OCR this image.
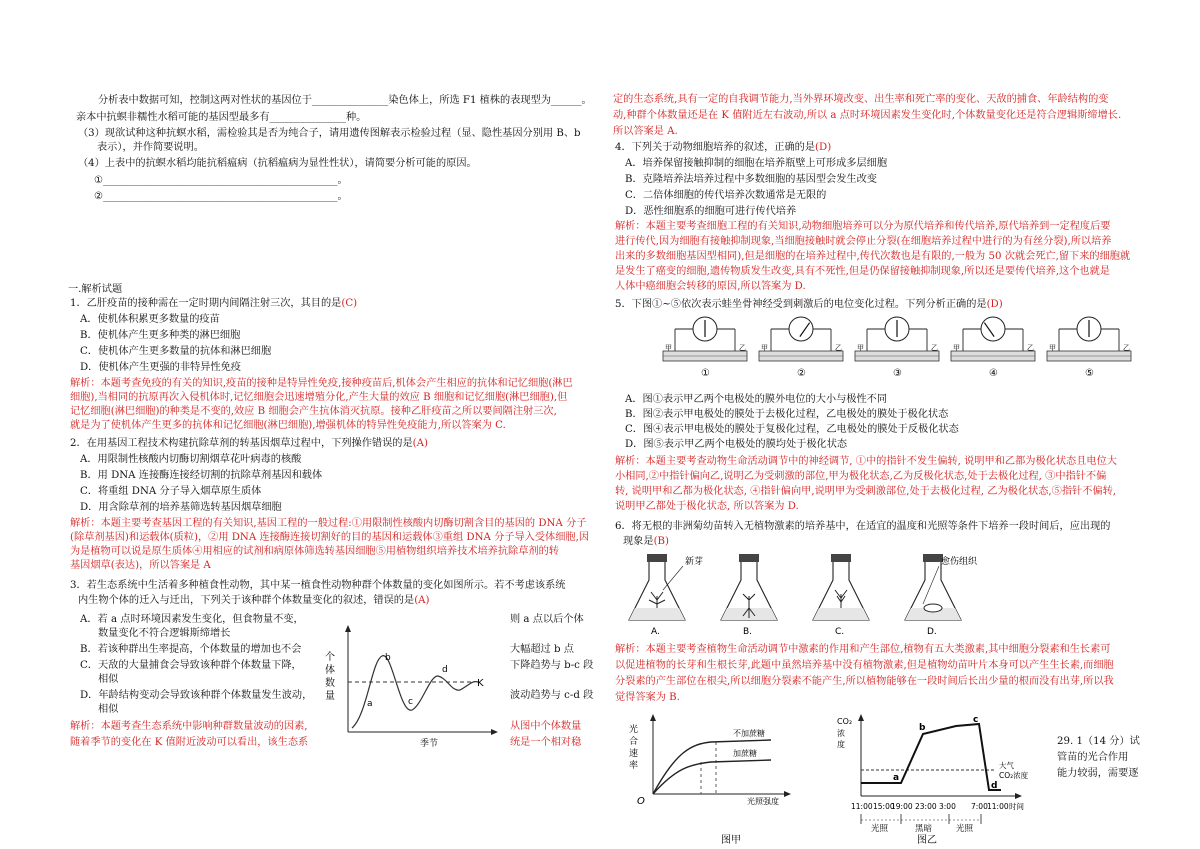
分析表中数据可知，控制这两对性状的基因位于_______________染色体上，所选 F1 植株的表现型为______。
亲本中抗螟非糯性水稻可能的基因型最多有_______________种。
（3）现欲试种这种抗螟水稻，需检验其是否为纯合子，请用遗传图解表示检验过程（显、隐性基因分别用 B、b
表示），并作简要说明。
（4）上表中的抗螟水稻均能抗稻瘟病（抗稻瘟病为显性性状），请简要分析可能的原因。
①______________________________________________。
②______________________________________________。
一.解析试题
1．乙肝疫苗的接种需在一定时期内间隔注射三次，其目的是(C)
A．使机体积累更多数量的疫苗
B．使机体产生更多种类的淋巴细胞
C．使机体产生更多数量的抗体和淋巴细胞
D．使机体产生更强的非特异性免疫
解析：本题考查免疫的有关的知识,疫苗的接种是特异性免疫,接种疫苗后,机体会产生相应的抗体和记忆细胞(淋巴
细胞),当相同的抗原再次入侵机体时,记忆细胞会迅速增殖分化,产生大量的效应 B 细胞和记忆细胞(淋巴细胞),但
记忆细胞(淋巴细胞)的种类是不变的,效应 B 细胞会产生抗体消灭抗原。接种乙肝疫苗之所以要间隔注射三次,
就是为了使机体产生更多的抗体和记忆细胞(淋巴细胞),增强机体的特异性免疫能力,所以答案为 C.
2．在用基因工程技术构建抗除草剂的转基因烟草过程中，下列操作错误的是(A)
A．用限制性核酸内切酶切割烟草花叶病毒的核酸
B．用 DNA 连接酶连接经切割的抗除草剂基因和载体
C．将重组 DNA 分子导入烟草原生质体
D．用含除草剂的培养基筛选转基因烟草细胞
解析：本题主要考查基因工程的有关知识,基因工程的一般过程:①用限制性核酸内切酶切割含目的基因的 DNA 分子
(除草剂基因)和运载体(质粒)，②用 DNA 连接酶连接切割好的目的基因和运载体③重组 DNA 分子导入受体细胞,因
为是植物可以说是原生质体④用相应的试剂和病原体筛选转基因细胞⑤用植物组织培养技术培养抗除草剂的转
基因烟草(表达)，所以答案是 A
3．若生态系统中生活着多种植食性动物，其中某一植食性动物种群个体数量的变化如图所示。若不考虑该系统
内生物个体的迁入与迁出，下列关于该种群个体数量变化的叙述，错误的是(A)
A．若 a 点时环境因素发生变化，但食物量不变，	则 a 点以后个体
数量变化不符合逻辑斯缔增长
B．若该种群出生率提高，个体数量的增加也不会	大幅超过 b 点
C．天敌的大量捕食会导致该种群个体数量下降，	下降趋势与 b-c 段
相似
D．年龄结构变动会导致该种群个体数量发生波动，	波动趋势与 c-d 段
相似
解析：本题考查生态系统中影响种群数量波动的因素,	从图中个体数量
随着季节的变化在 K 值附近波动可以看出，该生态系	统是一个相对稳
个
体
数
量
K
a
b
c
d
季节
定的生态系统,具有一定的自我调节能力,当外界环境改变、出生率和死亡率的变化、天敌的捕食、年龄结构的变
动,种群个体数量还是在 K 值附近左右波动,所以 a 点时环境因素发生变化时,个体数量变化还是符合逻辑斯缔增长.
所以答案是 A.
4．下列关于动物细胞培养的叙述，正确的是(D)
A．培养保留接触抑制的细胞在培养瓶壁上可形成多层细胞
B．克隆培养法培养过程中多数细胞的基因型会发生改变
C．二倍体细胞的传代培养次数通常是无限的
D．恶性细胞系的细胞可进行传代培养
解析：本题主要考查细胞工程的有关知识,动物细胞培养可以分为原代培养和传代培养,原代培养到一定程度后要
进行传代,因为细胞有接触抑制现象,当细胞接触时就会停止分裂(在细胞培养过程中进行的为有丝分裂),所以培养
出来的多数细胞基因型相同),但是细胞的在培养过程中,传代次数也是有限的,一般为 50 次就会死亡,留下来的细胞就
是发生了癌变的细胞,遗传物质发生改变,具有不死性,但是仍保留接触抑制现象,所以还是要传代培养,这个也就是
人体中癌细胞会转移的原因,所以答案为 D.
5．下图①~⑤依次表示蛙坐骨神经受到刺激后的电位变化过程。下列分析正确的是(D)
甲	乙
①
甲	乙
②
甲	乙
③
甲	乙
④
甲	乙
⑤
A．图①表示甲乙两个电极处的膜外电位的大小与极性不同
B．图②表示甲电极处的膜处于去极化过程，乙电极处的膜处于极化状态
C．图④表示甲电极处的膜处于复极化过程，乙电极处的膜处于反极化状态
D．图⑤表示甲乙两个电极处的膜均处于极化状态
解析：本题主要考查动物生命活动调节中的神经调节, ①中的指针不发生偏转, 说明甲和乙都为极化状态且电位大
小相同,②中指针偏向乙,说明乙为受刺激的部位,甲为极化状态,乙为反极化状态,处于去极化过程, ③中指针不偏
转, 说明甲和乙都为极化状态, ④指针偏向甲,说明甲为受刺激部位,处于去极化过程, 乙为极化状态,⑤指针不偏转,
说明甲乙都处于极化状态, 所以答案为 D.
6．将无根的非洲菊幼苗转入无植物激素的培养基中，在适宜的温度和光照等条件下培养一段时间后，应出现的
现象是(B)
A.	B.	C.	D.
新芽	愈伤组织
解析：本题主要考查植物生命活动调节中激素的作用和产生部位,植物有五大类激素,其中细胞分裂素和生长素可
以促进植物的长芽和生根长芽,此题中虽然培养基中没有植物激素,但是植物幼苗叶片本身可以产生生长素,而细胞
分裂素的产生部位在根尖,所以细胞分裂素不能产生,所以植物能够在一段时间后长出少量的根而没有出芽,所以我
觉得答案为 B.
29. 1（14 分）试
管苗的光合作用
能力较弱，需要逐
光
合
速
率
不加蔗糖
加蔗糖
O	光照强度
图甲
CO₂
浓
度
a
b
c
d
大气
CO₂浓度
11:00 15:00
19:00 23:00 3:00 7:00 11:00 时间
光照	黑暗	光照
图乙
